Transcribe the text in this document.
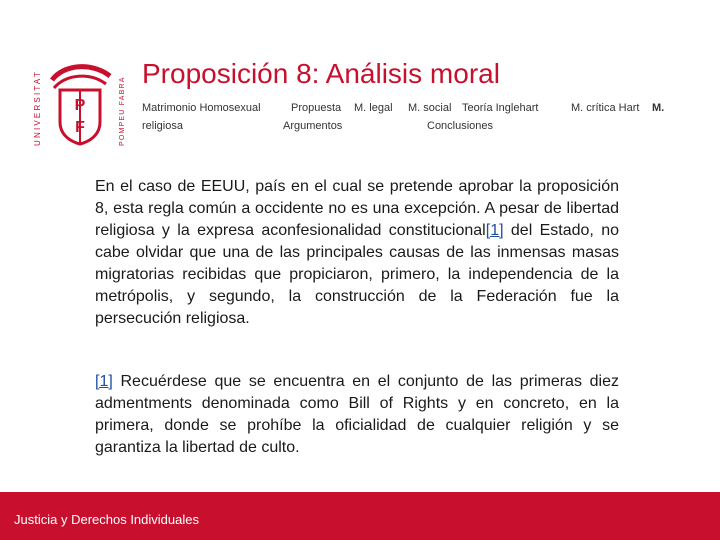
UNIVERSITAT	POMPEU FABRA
P
F
Proposición 8: Análisis moral
Matrimonio Homosexual	Propuesta M. legal M. social Teoría Inglehart	M. crítica Hart M.
religiosa	Argumentos	Conclusiones
En el caso de EEUU, país en el cual se pretende aprobar la proposición 8, esta regla común a occidente no es una excepción. A pesar de libertad religiosa y la expresa aconfesionalidad constitucional[1] del Estado, no cabe olvidar que una de las principales causas de las inmensas masas migratorias recibidas que propiciaron, primero, la independencia de la metrópolis, y segundo, la construcción de la Federación fue la persecución religiosa.
[1] Recuérdese que se encuentra en el conjunto de las primeras diez admentments denominada como Bill of Rights y en concreto, en la primera, donde se prohíbe la oficialidad de cualquier religión y se garantiza la libertad de culto.
Justicia y Derechos Individuales
